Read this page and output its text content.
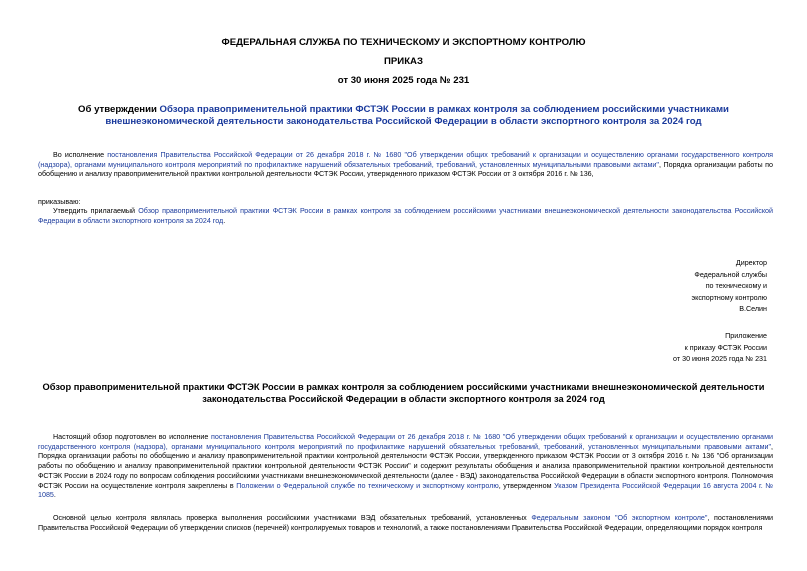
ФЕДЕРАЛЬНАЯ СЛУЖБА ПО ТЕХНИЧЕСКОМУ И ЭКСПОРТНОМУ КОНТРОЛЮ
ПРИКАЗ
от 30 июня 2025 года № 231
Об утверждении Обзора правоприменительной практики ФСТЭК России в рамках контроля за соблюдением российскими участниками внешнеэкономической деятельности законодательства Российской Федерации в области экспортного контроля за 2024 год
Во исполнение постановления Правительства Российской Федерации от 26 декабря 2018 г. № 1680 "Об утверждении общих требований к организации и осуществлению органами государственного контроля (надзора), органами муниципального контроля мероприятий по профилактике нарушений обязательных требований, требований, установленных муниципальными правовыми актами", Порядка организации работы по обобщению и анализу правоприменительной практики контрольной деятельности ФСТЭК России, утвержденного приказом ФСТЭК России от 3 октября 2016 г. № 136,
приказываю:
Утвердить прилагаемый Обзор правоприменительной практики ФСТЭК России в рамках контроля за соблюдением российскими участниками внешнеэкономической деятельности законодательства Российской Федерации в области экспортного контроля за 2024 год.
Директор
Федеральной службы
по техническому и
экспортному контролю
В.Селин
Приложение
к приказу ФСТЭК России
от 30 июня 2025 года № 231
Обзор правоприменительной практики ФСТЭК России в рамках контроля за соблюдением российскими участниками внешнеэкономической деятельности законодательства Российской Федерации в области экспортного контроля за 2024 год
Настоящий обзор подготовлен во исполнение постановления Правительства Российской Федерации от 26 декабря 2018 г. № 1680 "Об утверждении общих требований к организации и осуществлению органами государственного контроля (надзора), органами муниципального контроля мероприятий по профилактике нарушений обязательных требований, требований, установленных муниципальными правовыми актами", Порядка организации работы по обобщению и анализу правоприменительной практики контрольной деятельности ФСТЭК России, утвержденного приказом ФСТЭК России от 3 октября 2016 г. № 136 "Об организации работы по обобщению и анализу правоприменительной практики контрольной деятельности ФСТЭК России" и содержит результаты обобщения и анализа правоприменительной практики контрольной деятельности ФСТЭК России в 2024 году по вопросам соблюдения российскими участниками внешнеэкономической деятельности (далее - ВЭД) законодательства Российской Федерации в области экспортного контроля. Полномочия ФСТЭК России на осуществление контроля закреплены в Положении о Федеральной службе по техническому и экспортному контролю, утвержденном Указом Президента Российской Федерации 16 августа 2004 г. № 1085.
Основной целью контроля являлась проверка выполнения российскими участниками ВЭД обязательных требований, установленных Федеральным законом "Об экспортном контроле", постановлениями Правительства Российской Федерации об утверждении списков (перечней) контролируемых товаров и технологий, а также постановлениями Правительства Российской Федерации, определяющими порядок контроля
